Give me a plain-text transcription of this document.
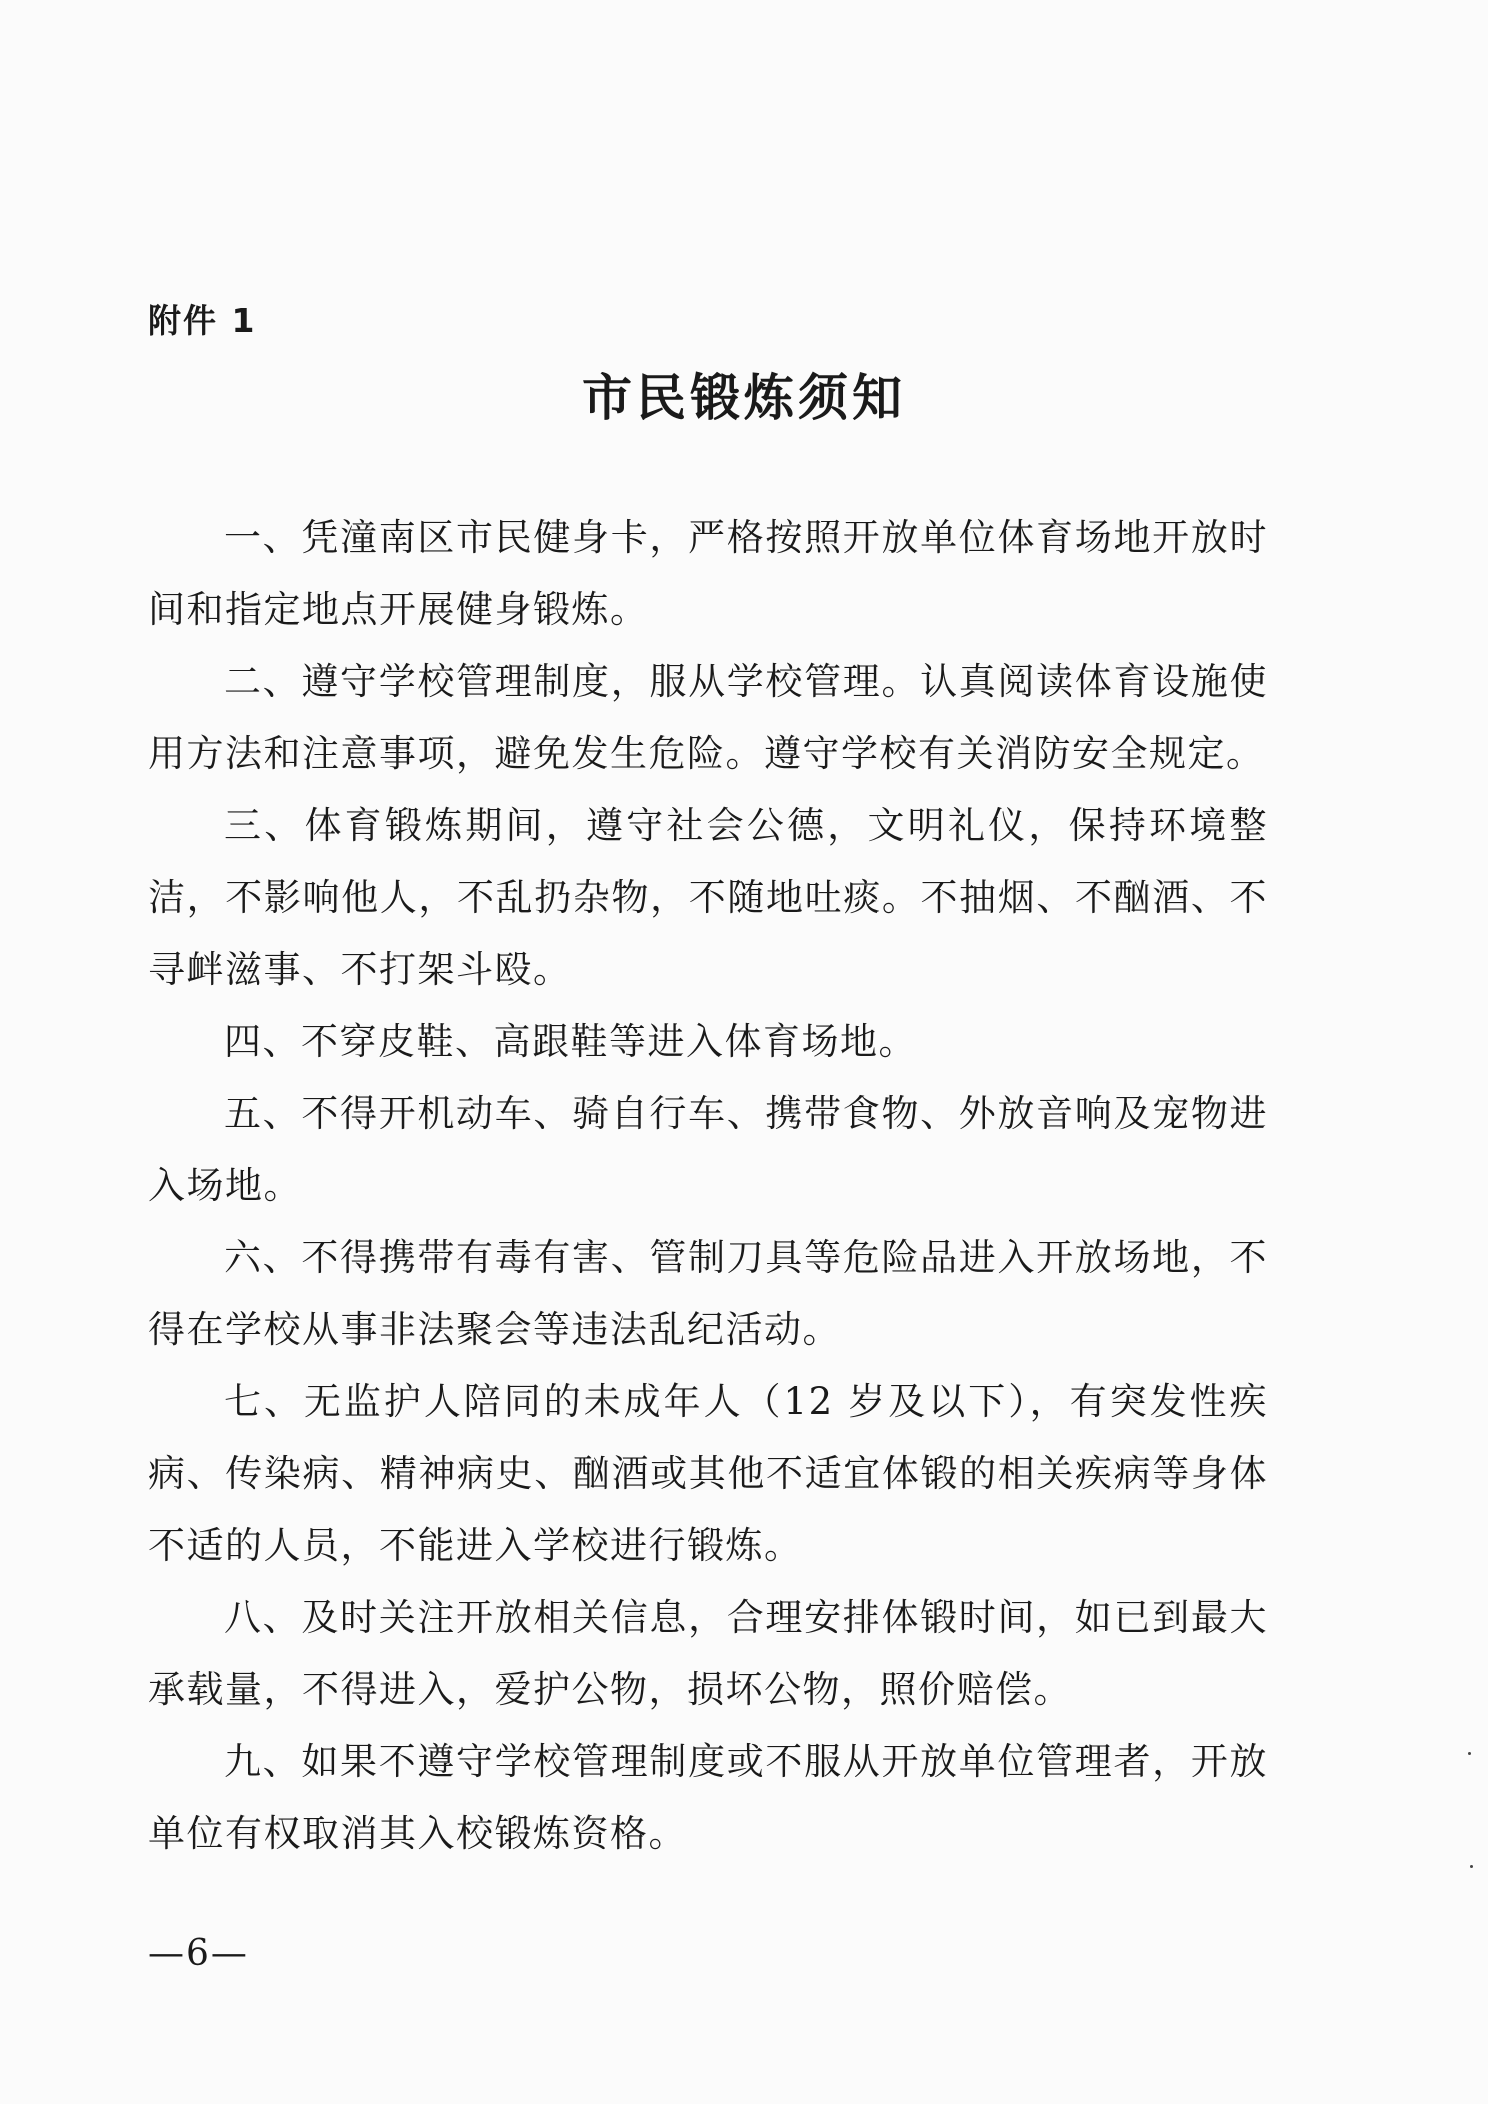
附件 1
市民锻炼须知

一、凭潼南区市民健身卡，严格按照开放单位体育场地开放时间和指定地点开展健身锻炼。

二、遵守学校管理制度，服从学校管理。认真阅读体育设施使用方法和注意事项，避免发生危险。遵守学校有关消防安全规定。

三、体育锻炼期间，遵守社会公德，文明礼仪，保持环境整洁，不影响他人，不乱扔杂物，不随地吐痰。不抽烟、不酗酒、不寻衅滋事、不打架斗殴。

四、不穿皮鞋、高跟鞋等进入体育场地。

五、不得开机动车、骑自行车、携带食物、外放音响及宠物进入场地。

六、不得携带有毒有害、管制刀具等危险品进入开放场地，不得在学校从事非法聚会等违法乱纪活动。

七、无监护人陪同的未成年人（12 岁及以下），有突发性疾病、传染病、精神病史、酗酒或其他不适宜体锻的相关疾病等身体不适的人员，不能进入学校进行锻炼。

八、及时关注开放相关信息，合理安排体锻时间，如已到最大承载量，不得进入，爱护公物，损坏公物，照价赔偿。

九、如果不遵守学校管理制度或不服从开放单位管理者，开放单位有权取消其入校锻炼资格。

—6—
